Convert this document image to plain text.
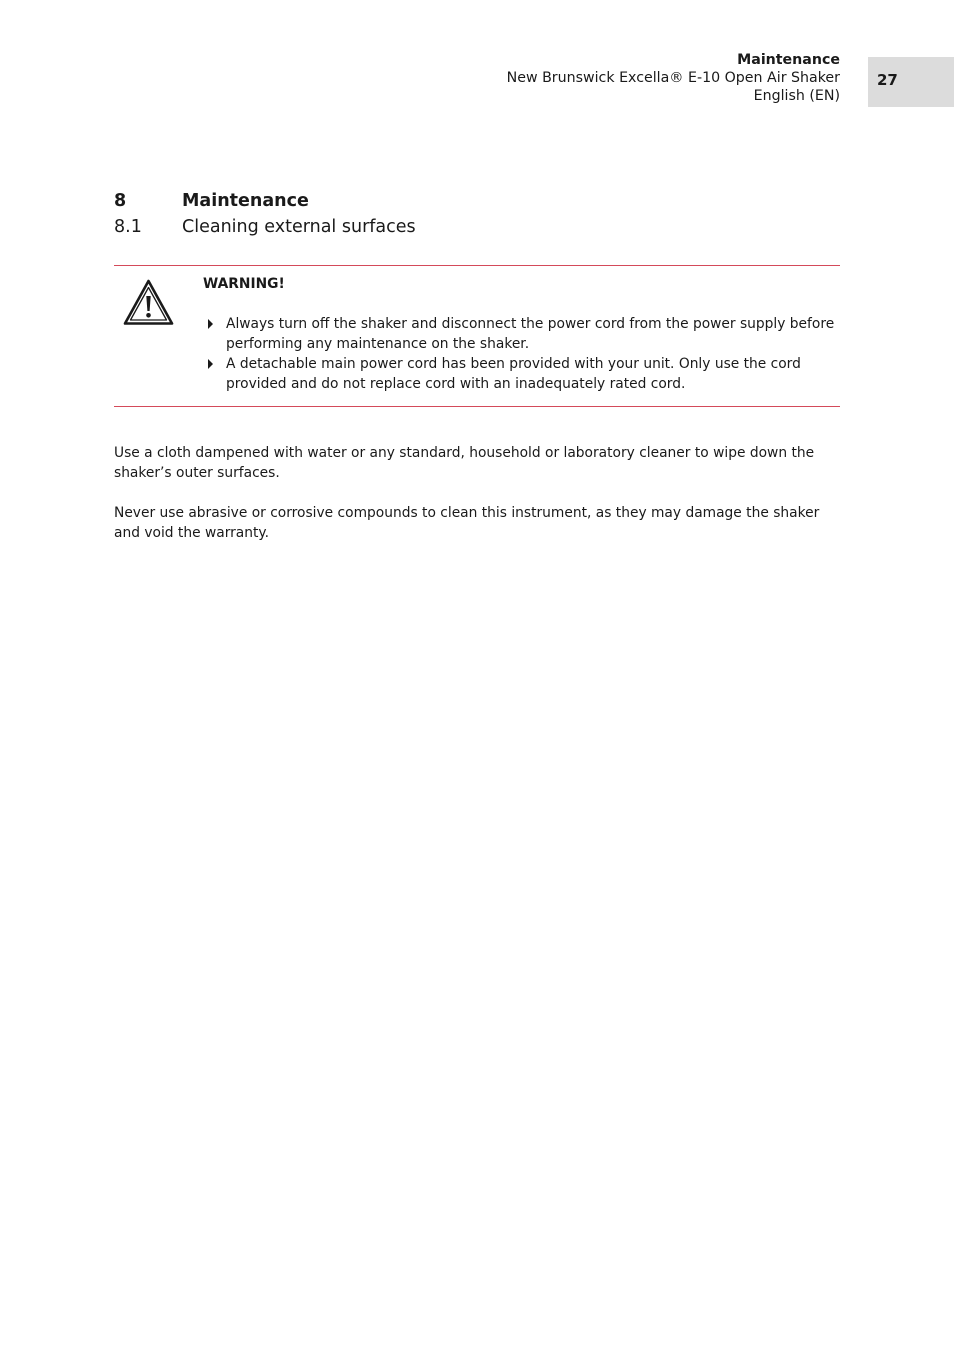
Maintenance
New Brunswick Excella® E-10 Open Air Shaker
English (EN)
27
8	Maintenance
8.1 Cleaning external surfaces
WARNING!
Always turn off the shaker and disconnect the power cord from the power supply before performing any maintenance on the shaker.
A detachable main power cord has been provided with your unit. Only use the cord provided and do not replace cord with an inadequately rated cord.

Use a cloth dampened with water or any standard, household or laboratory cleaner to wipe down the shaker’s outer surfaces.

Never use abrasive or corrosive compounds to clean this instrument, as they may damage the shaker and void the warranty.
